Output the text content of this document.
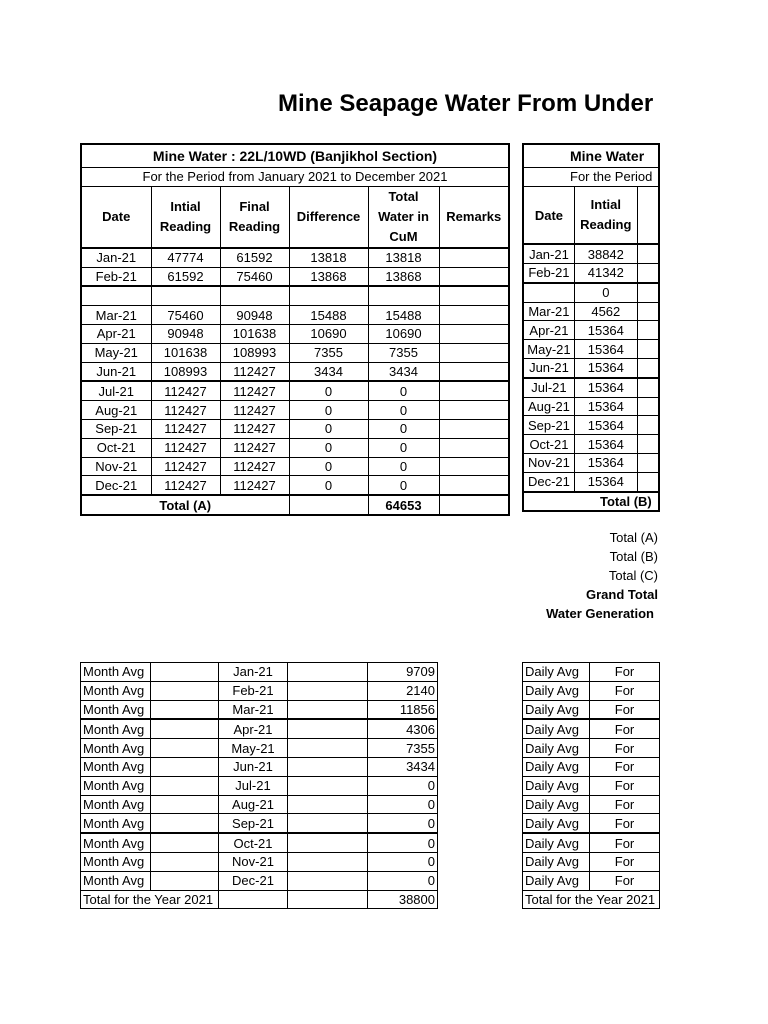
Mine Seapage Water From Under
Mine Water : 22L/10WD (Banjikhol Section)					
For the Period from January 2021 to December 2021					
Date	Intial Reading	Final Reading	Difference	Total Water in CuM	Remarks
Jan-21	47774	61592	13818	13818	
Feb-21	61592	75460	13868	13868	

Mar-21	75460	90948	15488	15488	
Apr-21	90948	101638	10690	10690	
May-21	101638	108993	7355	7355	
Jun-21	108993	112427	3434	3434	
Jul-21	112427	112427	0	0	
Aug-21	112427	112427	0	0	
Sep-21	112427	112427	0	0	
Oct-21	112427	112427	0	0	
Nov-21	112427	112427	0	0	
Dec-21	112427	112427	0	0	
Total (A)				64653	
Mine Water		
For the Period		
Date	Intial Reading	
Jan-21	38842	
Feb-21	41342	
	0	
Mar-21	4562	
Apr-21	15364	
May-21	15364	
Jun-21	15364	
Jul-21	15364	
Aug-21	15364	
Sep-21	15364	
Oct-21	15364	
Nov-21	15364	
Dec-21	15364	
Total (B)		
Total (A)
Total (B)
Total (C)
Grand Total
Water Generation
Month Avg		Jan-21		9709
Month Avg		Feb-21		2140
Month Avg		Mar-21		11856
Month Avg		Apr-21		4306
Month Avg		May-21		7355
Month Avg		Jun-21		3434
Month Avg		Jul-21		0
Month Avg		Aug-21		0
Month Avg		Sep-21		0
Month Avg		Oct-21		0
Month Avg		Nov-21		0
Month Avg		Dec-21		0
Total for the Year 2021				38800
Daily Avg	For
Daily Avg	For
Daily Avg	For
Daily Avg	For
Daily Avg	For
Daily Avg	For
Daily Avg	For
Daily Avg	For
Daily Avg	For
Daily Avg	For
Daily Avg	For
Daily Avg	For
Total for the Year 2021	
